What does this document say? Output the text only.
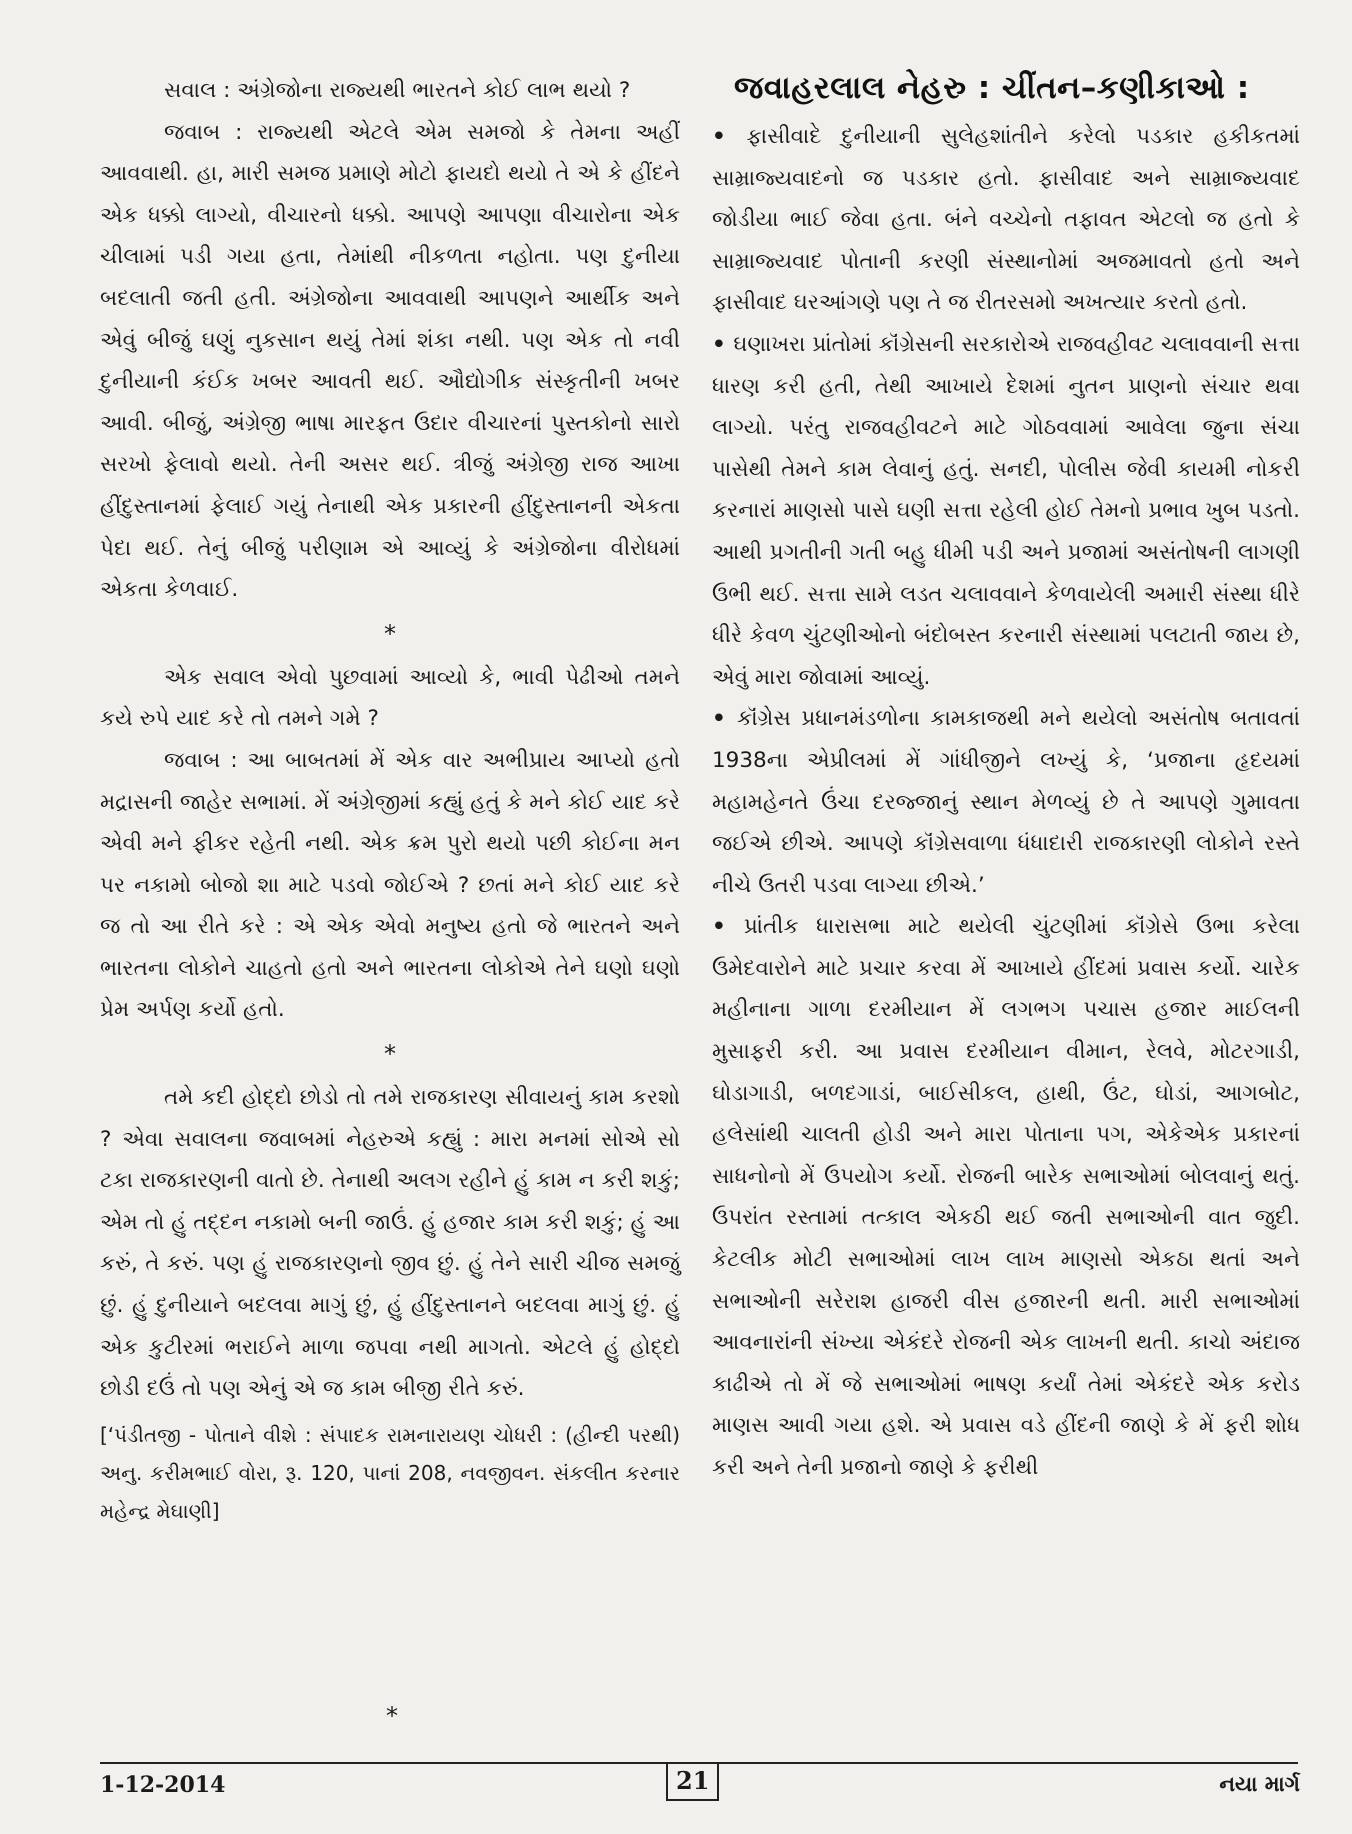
સવાલ : અંગ્રેજોના રાજ્યથી ભારતને કોઈ લાભ થયો ?

જવાબ : રાજ્યથી એટલે એમ સમજો કે તેમના અહીં આવવાથી. હા, મારી સમજ પ્રમાણે મોટો ફાયદો થયો તે એ કે હીંદને એક ધક્કો લાગ્યો, વીચારનો ધક્કો. આપણે આપણા વીચારોના એક ચીલામાં પડી ગયા હતા, તેમાંથી નીકળતા નહોતા. પણ દુનીયા બદલાતી જતી હતી. અંગ્રેજોના આવવાથી આપણને આર્થીક અને એવું બીજું ઘણું નુકસાન થયું તેમાં શંકા નથી. પણ એક તો નવી દુનીયાની કંઈક ખબર આવતી થઈ. ઔદ્યોગીક સંસ્કૃતીની ખબર આવી. બીજું, અંગ્રેજી ભાષા મારફત ઉદાર વીચારનાં પુસ્તકોનો સારો સરખો ફેલાવો થયો. તેની અસર થઈ. ત્રીજું અંગ્રેજી રાજ આખા હીંદુસ્તાનમાં ફેલાઈ ગયું તેનાથી એક પ્રકારની હીંદુસ્તાનની એકતા પેદા થઈ. તેનું બીજું પરીણામ એ આવ્યું કે અંગ્રેજોના વીરોધમાં એકતા કેળવાઈ.

*

એક સવાલ એવો પુછવામાં આવ્યો કે, ભાવી પેઢીઓ તમને કયે રુપે યાદ કરે તો તમને ગમે ?

જવાબ : આ બાબતમાં મેં એક વાર અભીપ્રાય આપ્યો હતો મદ્રાસની જાહેર સભામાં. મેં અંગ્રેજીમાં કહ્યું હતું કે મને કોઈ યાદ કરે એવી મને ફીકર રહેતી નથી. એક ક્રમ પુરો થયો પછી કોઈના મન પર નકામો બોજો શા માટે પડવો જોઈએ ? છતાં મને કોઈ યાદ કરે જ તો આ રીતે કરે : એ એક એવો મનુષ્ય હતો જે ભારતને અને ભારતના લોકોને ચાહતો હતો અને ભારતના લોકોએ તેને ઘણો ઘણો પ્રેમ અર્પણ કર્યો હતો.

*

તમે કદી હોદ્દો છોડો તો તમે રાજકારણ સીવાયનું કામ કરશો ? એવા સવાલના જવાબમાં નેહરુએ કહ્યું : મારા મનમાં સોએ સો ટકા રાજકારણની વાતો છે. તેનાથી અલગ રહીને હું કામ ન કરી શકું; એમ તો હું તદ્દન નકામો બની જાઉં. હું હજાર કામ કરી શકું; હું આ કરું, તે કરું. પણ હું રાજકારણનો જીવ છું. હું તેને સારી ચીજ સમજું છું. હું દુનીયાને બદલવા માગું છું, હું હીંદુસ્તાનને બદલવા માગું છું. હું એક કુટીરમાં ભરાઈને માળા જપવા નથી માગતો. એટલે હું હોદ્દો છોડી દઉં તો પણ એનું એ જ કામ બીજી રીતે કરું.

[‘પંડીતજી - પોતાને વીશે : સંપાદક રામનારાયણ ચોધરી : (હીન્દી પરથી) અનુ. કરીમભાઈ વોરા, રૂ. 120, પાનાં 208, નવજીવન. સંકલીત કરનાર મહેન્દ્ર મેઘાણી]

*
જવાહરલાલ નેહરુ : ચીંતન–કણીકાઓ :

• ફાસીવાદે દુનીયાની સુલેહશાંતીને કરેલો પડકાર હકીકતમાં સામ્રાજ્યવાદનો જ પડકાર હતો. ફાસીવાદ અને સામ્રાજ્યવાદ જોડીયા ભાઈ જેવા હતા. બંને વચ્ચેનો તફાવત એટલો જ હતો કે સામ્રાજ્યવાદ પોતાની કરણી સંસ્થાનોમાં અજમાવતો હતો અને ફાસીવાદ ઘરઆંગણે પણ તે જ રીતરસમો અખત્યાર કરતો હતો.

• ઘણાખરા પ્રાંતોમાં કૉંગ્રેસની સરકારોએ રાજવહીવટ ચલાવવાની સત્તા ધારણ કરી હતી, તેથી આખાયે દેશમાં નુતન પ્રાણનો સંચાર થવા લાગ્યો. પરંતુ રાજવહીવટને માટે ગોઠવવામાં આવેલા જુના સંચા પાસેથી તેમને કામ લેવાનું હતું. સનદી, પોલીસ જેવી કાયમી નોકરી કરનારાં માણસો પાસે ઘણી સત્તા રહેલી હોઈ તેમનો પ્રભાવ ખુબ પડતો. આથી પ્રગતીની ગતી બહુ ધીમી પડી અને પ્રજામાં અસંતોષની લાગણી ઉભી થઈ. સત્તા સામે લડત ચલાવવાને કેળવાયેલી અમારી સંસ્થા ધીરે ધીરે કેવળ ચુંટણીઓનો બંદોબસ્ત કરનારી સંસ્થામાં પલટાતી જાય છે, એવું મારા જોવામાં આવ્યું.

• કૉંગ્રેસ પ્રધાનમંડળોના કામકાજથી મને થયેલો અસંતોષ બતાવતાં 1938ના એપ્રીલમાં મેં ગાંધીજીને લખ્યું કે, ‘પ્રજાના હૃદયમાં મહામહેનતે ઉંચા દરજ્જાનું સ્થાન મેળવ્યું છે તે આપણે ગુમાવતા જઈએ છીએ. આપણે કૉંગ્રેસવાળા ધંધાદારી રાજકારણી લોકોને રસ્તે નીચે ઉતરી પડવા લાગ્યા છીએ.’

• પ્રાંતીક ધારાસભા માટે થયેલી ચુંટણીમાં કૉંગ્રેસે ઉભા કરેલા ઉમેદવારોને માટે પ્રચાર કરવા મેં આખાયે હીંદમાં પ્રવાસ કર્યો. ચારેક મહીનાના ગાળા દરમીયાન મેં લગભગ પચાસ હજાર માઈલની મુસાફરી કરી. આ પ્રવાસ દરમીયાન વીમાન, રેલવે, મોટરગાડી, ઘોડાગાડી, બળદગાડાં, બાઈસીકલ, હાથી, ઉંટ, ઘોડાં, આગબોટ, હલેસાંથી ચાલતી હોડી અને મારા પોતાના પગ, એકેએક પ્રકારનાં સાધનોનો મેં ઉપયોગ કર્યો. રોજની બારેક સભાઓમાં બોલવાનું થતું. ઉપરાંત રસ્તામાં તત્કાલ એકઠી થઈ જતી સભાઓની વાત જુદી. કેટલીક મોટી સભાઓમાં લાખ લાખ માણસો એકઠા થતાં અને સભાઓની સરેરાશ હાજરી વીસ હજારની થતી. મારી સભાઓમાં આવનારાંની સંખ્યા એકંદરે રોજની એક લાખની થતી. કાચો અંદાજ કાઢીએ તો મેં જે સભાઓમાં ભાષણ કર્યાં તેમાં એકંદરે એક કરોડ માણસ આવી ગયા હશે. એ પ્રવાસ વડે હીંદની જાણે કે મેં ફરી શોધ કરી અને તેની પ્રજાનો જાણે કે ફરીથી

1-12-2014	21	નયા માર્ગ
